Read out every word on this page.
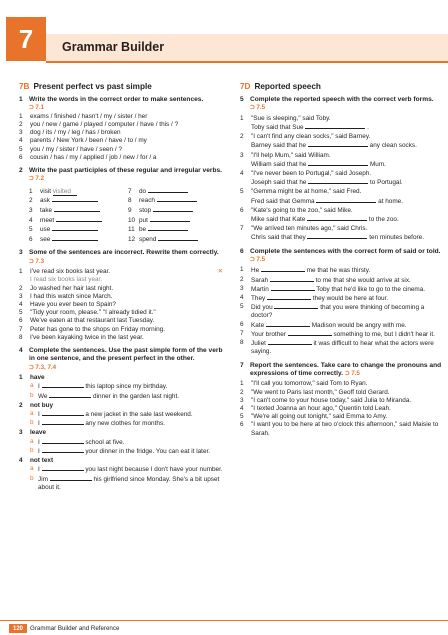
7	Grammar Builder
7B Present perfect vs past simple
1 Write the words in the correct order to make sentences.
⮊ 7.1
1	exams / finished / hasn't / my / sister / her
2	you / new / game / played / computer / have / this / ?
3	dog / its / my / leg / has / broken
4	parents / New York / been / have / to / my
5	you / my / sister / have / seen / ?
6	cousin / has / my / applied / job / new / for / a
2 Write the past participles of these regular and irregular verbs. ⮊ 7.2
1	visit visited	7	do
2	ask	8	reach
3	take	9	stop
4	meet	10 put
5	use	11 be
6	see	12 spend
3 Some of the sentences are incorrect. Rewrite them correctly. ⮊ 7.3
1	I've read six books last year.	✕
I read six books last year.
2	Jo washed her hair last night.
3	I had this watch since March.
4	Have you ever been to Spain?
5	"Tidy your room, please." "I already tidied it."
6	We've eaten at that restaurant last Tuesday.
7	Peter has gone to the shops on Friday morning.
8	I've been kayaking twice in the last year.
4 Complete the sentences. Use the past simple form of the verb in one sentence, and the present perfect in the other.
⮊ 7.3, 7.4
1	have
a I	this laptop since my birthday.
b We	dinner in the garden last night.
2	not buy
a I	a new jacket in the sale last weekend.
b I	any new clothes for months.
3	leave
a I	school at five.
b I	your dinner in the fridge. You can eat it later.
4	not text
a I	you last night because I don't have your number.
b Jim	his girlfriend since Monday. She's a bit upset about it.
7D Reported speech
5 Complete the reported speech with the correct verb forms.
⮊ 7.5
1	"Sue is sleeping," said Toby.
Toby said that Sue	.
2	"I can't find any clean socks," said Barney.
Barney said that he	any clean socks.
3	"I'll help Mum," said William.
William said that he	Mum.
4	"I've never been to Portugal," said Joseph.
Joseph said that he	to Portugal.
5	"Gemma might be at home," said Fred.
Fred said that Gemma	at home.
6	"Kate's going to the zoo," said Mike.
Mike said that Kate	to the zoo.
7	"We arrived ten minutes ago," said Chris.
Chris said that they	ten minutes before.
6 Complete the sentences with the correct form of said or told. ⮊ 7.5
1	He	me that he was thirsty.
2	Sarah	to me that she would arrive at six.
3	Martin	Toby that he'd like to go to the cinema.
4	They	they would be here at four.
5	Did you	that you were thinking of becoming a doctor?
6	Kate	Madison would be angry with me.
7	Your brother	something to me, but I didn't hear it.
8	Juliet	it was difficult to hear what the actors were saying.
7 Report the sentences. Take care to change the pronouns and expressions of time correctly. ⮊ 7.5
1	"I'll call you tomorrow," said Tom to Ryan.
2	"We went to Paris last month," Geoff told Gerard.
3	"I can't come to your house today," said Julia to Miranda.
4	"I texted Joanna an hour ago," Quentin told Leah.
5	"We're all going out tonight," said Emma to Amy.
6	"I want you to be here at two o'clock this afternoon," said Maisie to Sarah.
120	Grammar Builder and Reference
